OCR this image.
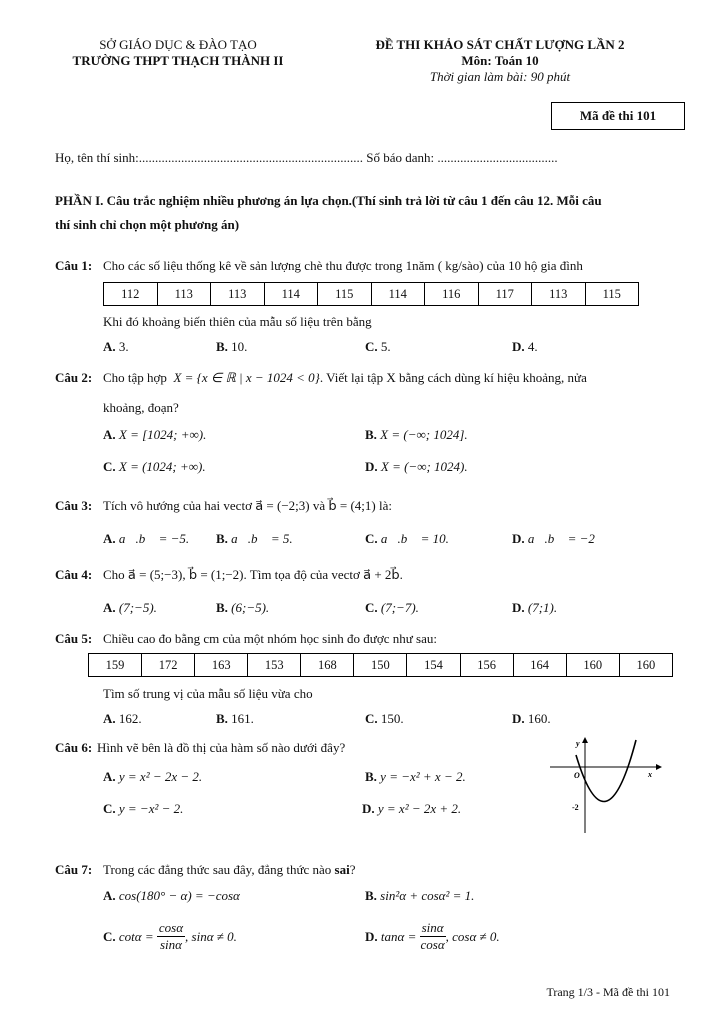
SỞ GIÁO DỤC & ĐÀO TẠO
TRƯỜNG THPT THẠCH THÀNH II
ĐỀ THI KHẢO SÁT CHẤT LƯỢNG LẦN 2
Môn: Toán 10
Thời gian làm bài: 90 phút
Mã đề thi 101
Họ, tên thí sinh:..................................................................... Số báo danh: .....................................
PHẦN I. Câu trắc nghiệm nhiều phương án lựa chọn.(Thí sinh trả lời từ câu 1 đến câu 12. Mỗi câu
thí sinh chỉ chọn một phương án)
Câu 1: Cho các số liệu thống kê về sản lượng chè thu được trong 1năm ( kg/sào) của 10 hộ gia đình
112	113	113	114	115	114	116	117	113	115
Khi đó khoảng biến thiên của mẫu số liệu trên bằng
A. 3.	B. 10.	C. 5.	D. 4.
Câu 2: Cho tập hợp X = {x ∈ ℝ | x − 1024 < 0}. Viết lại tập X bằng cách dùng kí hiệu khoảng, nửa
khoảng, đoạn?
A. X = [1024; +∞).	B. X = (−∞; 1024].
C. X = (1024; +∞).	D. X = (−∞; 1024).
Câu 3: Tích vô hướng của hai vectơ a⃗ = (−2;3) và b⃗ = (4;1) là:
A. a⃗.b⃗ = −5. B. a⃗.b⃗ = 5.	C. a⃗.b⃗ = 10.	D. a⃗.b⃗ = −2
Câu 4: Cho a⃗ = (5;−3), b⃗ = (1;−2). Tìm tọa độ của vectơ a⃗ + 2b⃗.
A. (7;−5).	B. (6;−5).	C. (7;−7).	D. (7;1).
Câu 5: Chiều cao đo bằng cm của một nhóm học sinh đo được như sau:
159	172	163	153	168	150	154	156	164	160	160
Tìm số trung vị của mẫu số liệu vừa cho
A. 162.	B. 161.	C. 150.	D. 160.
Câu 6: Hình vẽ bên là đồ thị của hàm số nào dưới đây?
A. y = x² − 2x − 2.	B. y = −x² + x − 2.
C. y = −x² − 2.	D. y = x² − 2x + 2.
y
x
O
-2
Câu 7: Trong các đẳng thức sau đây, đẳng thức nào sai?
A. cos(180° − α) = −cosα	B. sin²α + cosα² = 1.
C.
cotα =
$\frac{\cos\alpha}{\sin\alpha}$ , sinα ≠ 0.	D.
tanα =
$\frac{\sin\alpha}{\cos\alpha}$ , cosα ≠ 0.
Trang 1/3 - Mã đề thi 101
